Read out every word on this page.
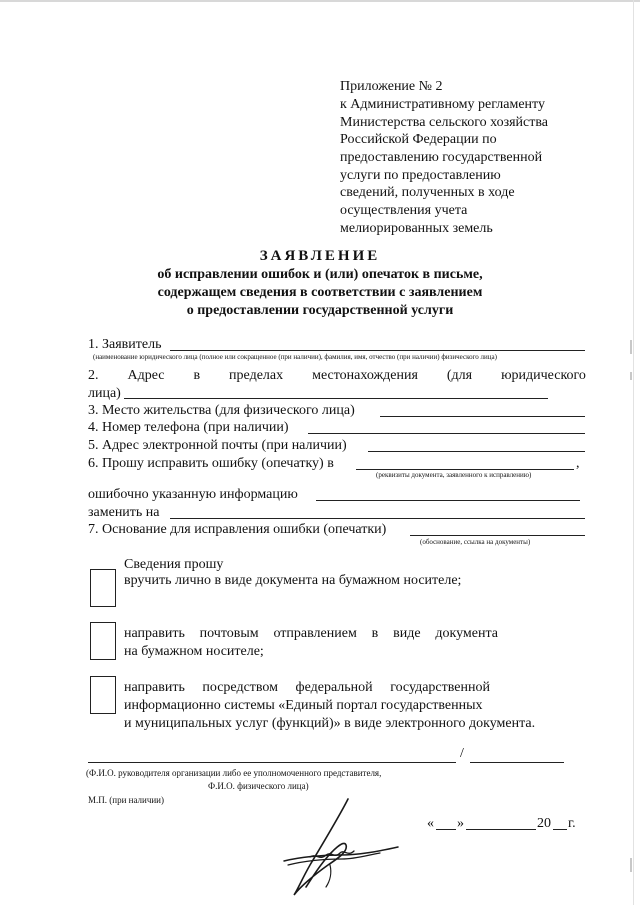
Приложение № 2
к Административному регламенту
Министерства сельского хозяйства
Российской Федерации по
предоставлению государственной
услуги по предоставлению
сведений, полученных в ходе
осуществления учета
мелиорированных земель
ЗАЯВЛЕНИЕ
об исправлении ошибок и (или) опечаток в письме,
содержащем сведения в соответствии с заявлением
о предоставлении государственной услуги
1. Заявитель
(наименование юридического лица (полное или сокращенное (при наличии), фамилия, имя, отчество (при наличии) физического лица)
2. Адрес в пределах местонахождения (для юридического
лица)
3. Место жительства (для физического лица)
4. Номер телефона (при наличии)
5. Адрес электронной почты (при наличии)
6. Прошу исправить ошибку (опечатку) в	,
(реквизиты документа, заявленного к исправлению)
ошибочно указанную информацию
заменить на
7. Основание для исправления ошибки (опечатки)
(обоснование, ссылка на документы)
Сведения прошу
вручить лично в виде документа на бумажном носителе;
направить почтовым отправлением в виде документа
на бумажном носителе;
направить посредством федеральной государственной
информационно системы «Единый портал государственных
и муниципальных услуг (функций)» в виде электронного документа.
/
(Ф.И.О. руководителя организации либо ее уполномоченного представителя,
Ф.И.О. физического лица)
М.П. (при наличии)
« »	20 г.
